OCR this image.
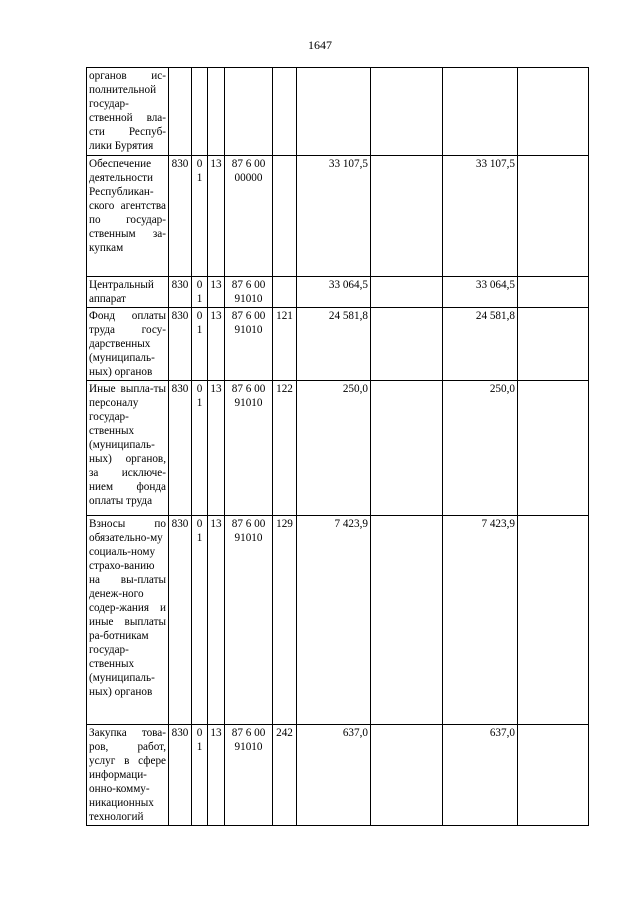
1647
органов ис-полнительной государ-ственной вла-сти Респуб-лики Бурятия									
Обеспечение деятельности Республикан-ского агентства по государ-ственным за-купкам	830	01	13	87 6 00 00000		33 107,5		33 107,5	
Центральный аппарат	830	01	13	87 6 00 91010		33 064,5		33 064,5	
Фонд оплаты труда госу-дарственных (муниципаль-ных) органов	830	01	13	87 6 00 91010	121	24 581,8		24 581,8	
Иные выпла-ты персоналу государ-ственных (муниципаль-ных) органов, за исключе-нием фонда оплаты труда	830	01	13	87 6 00 91010	122	250,0		250,0	
Взносы по обязательно-му социаль-ному страхо-ванию на вы-платы денеж-ного содер-жания и иные выплаты ра-ботникам государ-ственных (муниципаль-ных) органов	830	01	13	87 6 00 91010	129	7 423,9		7 423,9	
Закупка това-ров, работ, услуг в сфере информаци-онно-комму-никационных технологий	830	01	13	87 6 00 91010	242	637,0		637,0	
